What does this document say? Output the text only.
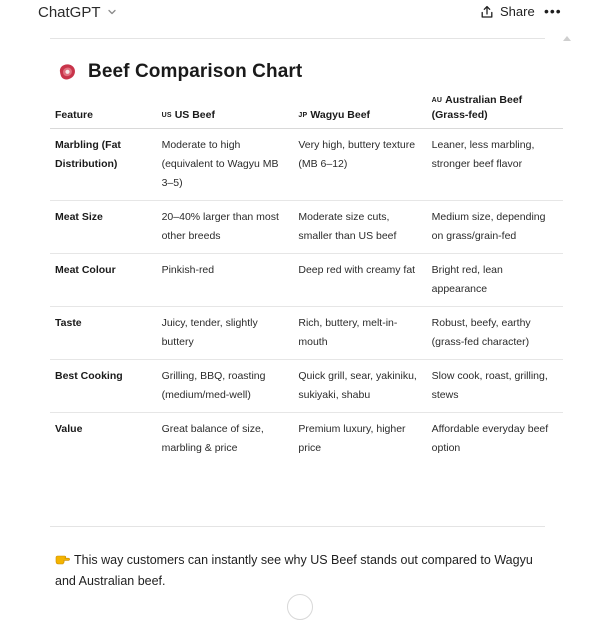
ChatGPT	Share •••
Beef Comparison Chart
Feature	US US Beef	JP Wagyu Beef	AU Australian Beef (Grass-fed)
Marbling (Fat Distribution)	Moderate to high (equivalent to Wagyu MB 3–5)	Very high, buttery texture (MB 6–12)	Leaner, less marbling, stronger beef flavor
Meat Size	20–40% larger than most other breeds	Moderate size cuts, smaller than US beef	Medium size, depending on grass/grain-fed
Meat Colour	Pinkish-red	Deep red with creamy fat	Bright red, lean appearance
Taste	Juicy, tender, slightly buttery	Rich, buttery, melt-in-mouth	Robust, beefy, earthy (grass-fed character)
Best Cooking	Grilling, BBQ, roasting (medium/med-well)	Quick grill, sear, yakiniku, sukiyaki, shabu	Slow cook, roast, grilling, stews
Value	Great balance of size, marbling & price	Premium luxury, higher price	Affordable everyday beef option
This way customers can instantly see why US Beef stands out compared to Wagyu and Australian beef.
